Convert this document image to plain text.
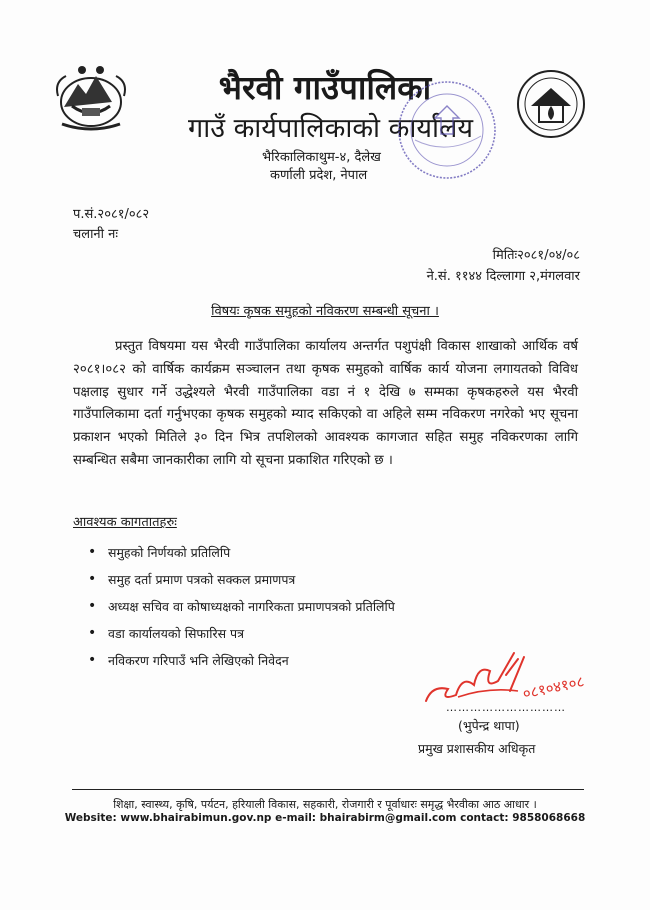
भैरवी गाउँपालिका
गाउँ कार्यपालिकाको कार्यालय
भैरिकालिकाथुम-४, दैलेख
कर्णाली प्रदेश, नेपाल
प.सं.२०८१/०८२
चलानी नः
मितिः२०८१/०४/०८
ने.सं. ११४४ दिल्लागा २,मंगलवार
विषयः कृषक समुहको नविकरण सम्बन्धी सूचना ।
प्रस्तुत विषयमा यस भैरवी गाउँपालिका कार्यालय अन्तर्गत पशुपंक्षी विकास शाखाको आर्थिक वर्ष २०८१।०८२ को वार्षिक कार्यक्रम सञ्चालन तथा कृषक समुहको वार्षिक कार्य योजना लगायतको विविध पक्षलाइ सुधार गर्ने उद्धेश्यले भैरवी गाउँपालिका वडा नं १ देखि ७ सम्मका कृषकहरुले यस भैरवी गाउँपालिकामा दर्ता गर्नुभएका कृषक समुहको म्याद सकिएको वा अहिले सम्म नविकरण नगरेको भए सूचना प्रकाशन भएको मितिले ३० दिन भित्र तपशिलको आवश्यक कागजात सहित समुह नविकरणका लागि सम्बन्धित सबैमा जानकारीका लागि यो सूचना प्रकाशित गरिएको छ ।
आवश्यक कागतातहरुः
• समुहको निर्णयको प्रतिलिपि
• समुह दर्ता प्रमाण पत्रको सक्कल प्रमाणपत्र
• अध्यक्ष सचिव वा कोषाध्यक्षको नागरिकता प्रमाणपत्रको प्रतिलिपि
• वडा कार्यालयको सिफारिस पत्र
• नविकरण गरिपाउँ भनि लेखिएको निवेदन
०८१०४१०८
…………………………
(भुपेन्द्र थापा)
प्रमुख प्रशासकीय अधिकृत
शिक्षा, स्वास्थ्य, कृषि, पर्यटन, हरियाली विकास, सहकारी, रोजगारी र पूर्वाधारः समृद्ध भैरवीका आठ आधार ।
Website: www.bhairabimun.gov.np e-mail: bhairabirm@gmail.com contact: 9858068668
